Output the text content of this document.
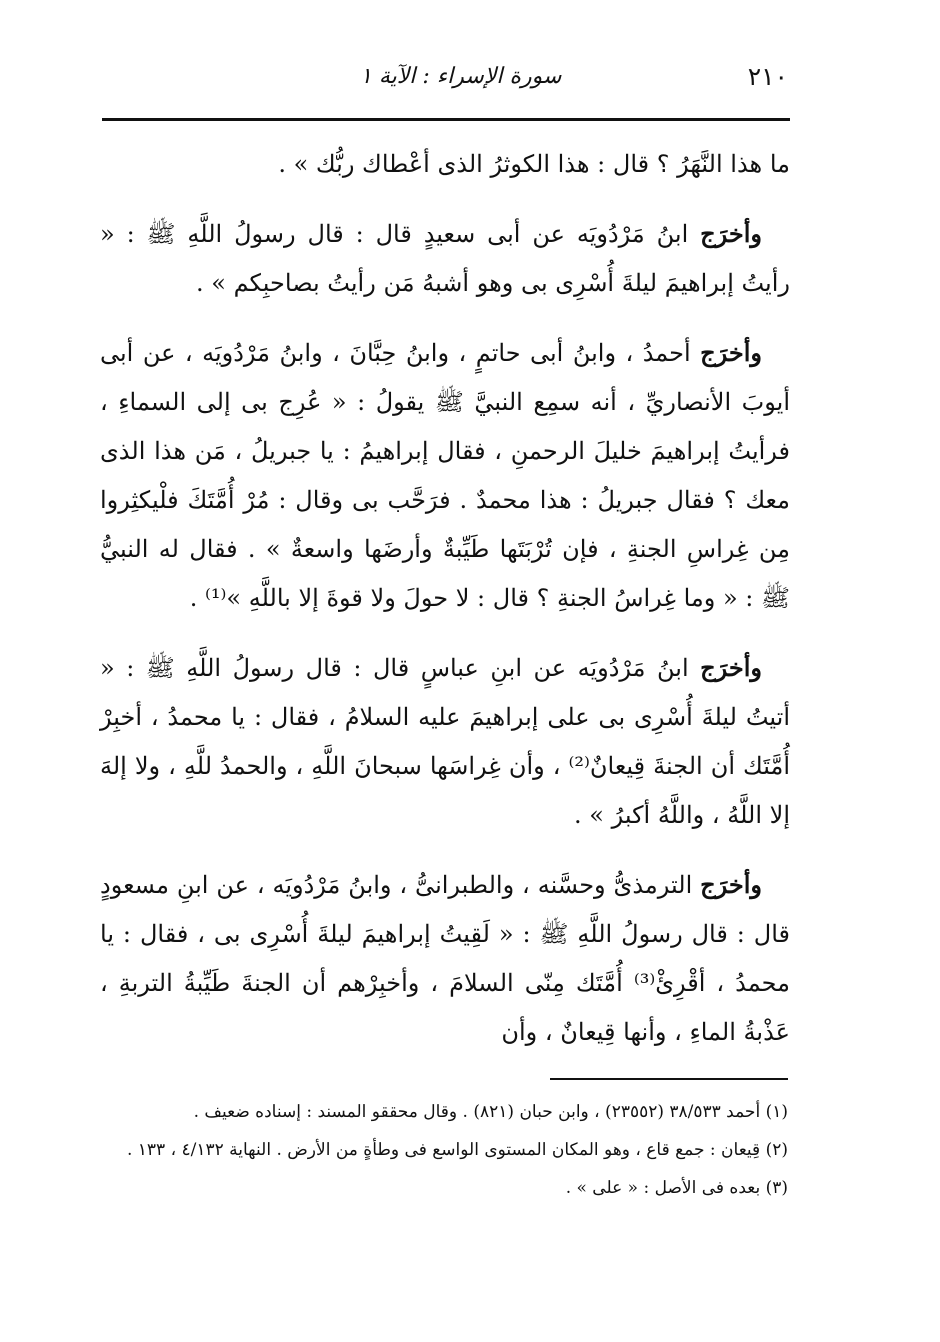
٢١٠
سورة الإسراء : الآية ١

ما هذا النَّهَرُ ؟ قال : هذا الكوثرُ الذى أعْطاك ربُّك » .

وأخرَج ابنُ مَرْدُويَه عن أبى سعيدٍ قال : قال رسولُ اللَّهِ ﷺ : « رأيتُ إبراهيمَ ليلةَ أُسْرِى بى وهو أشبهُ مَن رأيتُ بصاحبِكم » .

وأخرَج أحمدُ ، وابنُ أبى حاتمٍ ، وابنُ حِبَّانَ ، وابنُ مَرْدُويَه ، عن أبى أيوبَ الأنصاريِّ ، أنه سمِع النبيَّ ﷺ يقولُ : « عُرِج بى إلى السماءِ ، فرأيتُ إبراهيمَ خليلَ الرحمنِ ، فقال إبراهيمُ : يا جبريلُ ، مَن هذا الذى معك ؟ فقال جبريلُ : هذا محمدٌ . فرَحَّب بى وقال : مُرْ أُمَّتَكَ فلْيكثِروا مِن غِراسِ الجنةِ ، فإن تُرْبَتَها طَيِّبةٌ وأرضَها واسعةٌ » . فقال له النبيُّ ﷺ : « وما غِراسُ الجنةِ ؟ قال : لا حولَ ولا قوةَ إلا باللَّهِ »⁽¹⁾ .

وأخرَج ابنُ مَرْدُويَه عن ابنِ عباسٍ قال : قال رسولُ اللَّهِ ﷺ : « أتيتُ ليلةَ أُسْرِى بى على إبراهيمَ عليه السلامُ ، فقال : يا محمدُ ، أخبِرْ أُمَّتَك أن الجنةَ قِيعانٌ⁽²⁾ ، وأن غِراسَها سبحانَ اللَّهِ ، والحمدُ للَّهِ ، ولا إلهَ إلا اللَّهُ ، واللَّهُ أكبرُ » .

وأخرَج الترمذىُّ وحسَّنه ، والطبرانىُّ ، وابنُ مَرْدُويَه ، عن ابنِ مسعودٍ قال : قال رسولُ اللَّهِ ﷺ : « لَقِيتُ إبراهيمَ ليلةَ أُسْرِى بى ، فقال : يا محمدُ ، أقْرِئْ⁽³⁾ أُمَّتَك مِنّى السلامَ ، وأخبِرْهم أن الجنةَ طَيِّبةُ التربةِ ، عَذْبةُ الماءِ ، وأنها قِيعانٌ ، وأن

(١) أحمد ٣٨/٥٣٣ (٢٣٥٥٢) ، وابن حبان (٨٢١) . وقال محققو المسند : إسناده ضعيف .

(٢) قِيعان : جمع قاع ، وهو المكان المستوى الواسع فى وطأةٍ من الأرض . النهاية ٤/١٣٢ ، ١٣٣ .

(٣) بعده فى الأصل : « على » .
